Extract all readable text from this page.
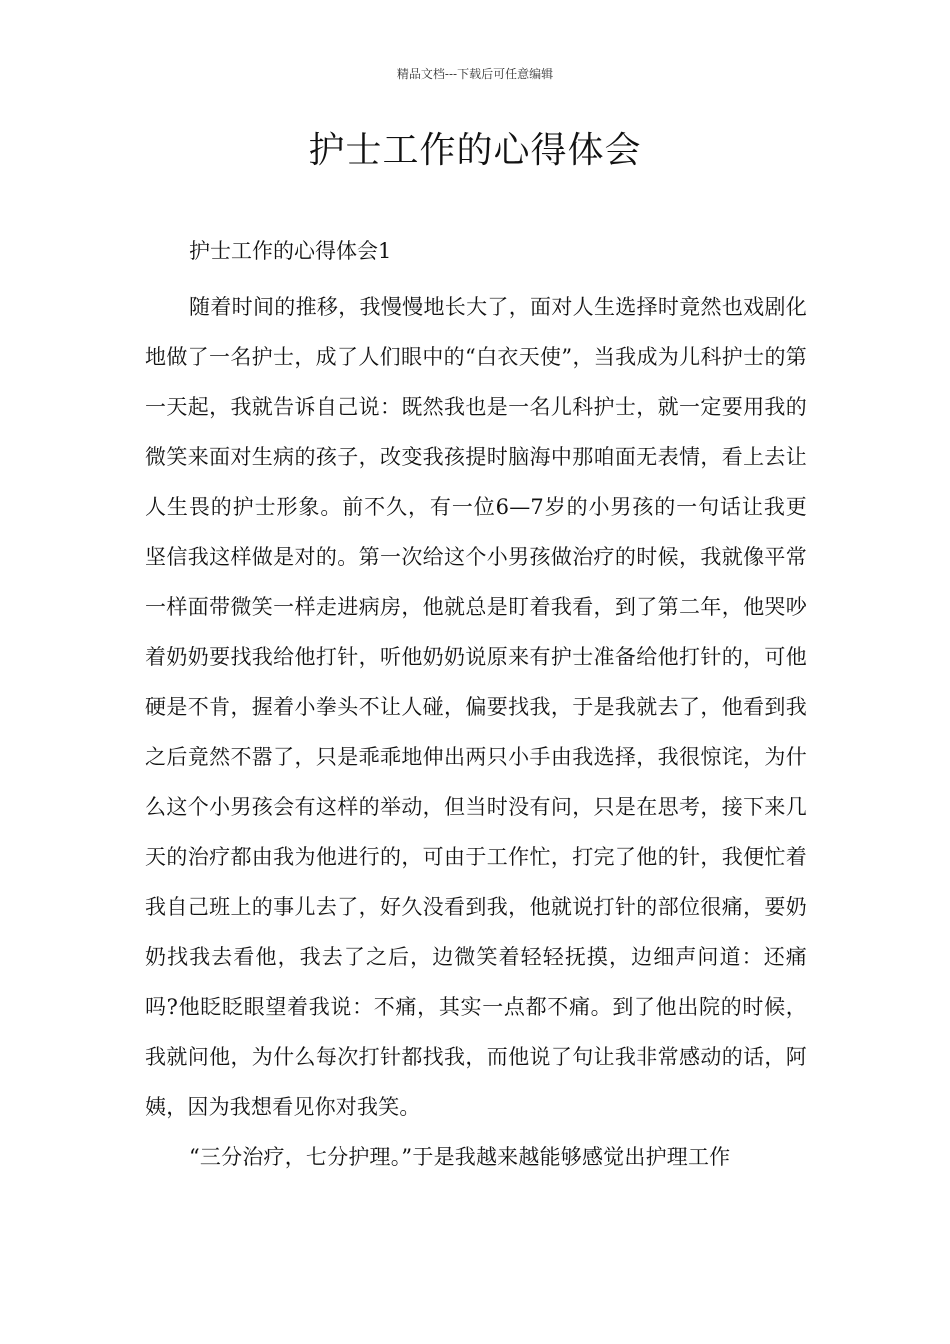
精品文档---下载后可任意编辑
护士工作的心得体会

护士工作的心得体会1

随着时间的推移，我慢慢地长大了，面对人生选择时竟然也戏剧化地做了一名护士，成了人们眼中的“白衣天使”，当我成为儿科护士的第一天起，我就告诉自己说：既然我也是一名儿科护士，就一定要用我的微笑来面对生病的孩子，改变我孩提时脑海中那咱面无表情，看上去让人生畏的护士形象。前不久，有一位6—7岁的小男孩的一句话让我更坚信我这样做是对的。第一次给这个小男孩做治疗的时候，我就像平常一样面带微笑一样走进病房，他就总是盯着我看，到了第二年，他哭吵着奶奶要找我给他打针，听他奶奶说原来有护士准备给他打针的，可他硬是不肯，握着小拳头不让人碰，偏要找我，于是我就去了，他看到我之后竟然不嚣了，只是乖乖地伸出两只小手由我选择，我很惊诧，为什么这个小男孩会有这样的举动，但当时没有问，只是在思考，接下来几天的治疗都由我为他进行的，可由于工作忙，打完了他的针，我便忙着我自己班上的事儿去了，好久没看到我，他就说打针的部位很痛，要奶奶找我去看他，我去了之后，边微笑着轻轻抚摸，边细声问道：还痛吗?他眨眨眼望着我说：不痛，其实一点都不痛。到了他出院的时候，我就问他，为什么每次打针都找我，而他说了句让我非常感动的话，阿姨，因为我想看见你对我笑。

“三分治疗，七分护理。”于是我越来越能够感觉出护理工作
